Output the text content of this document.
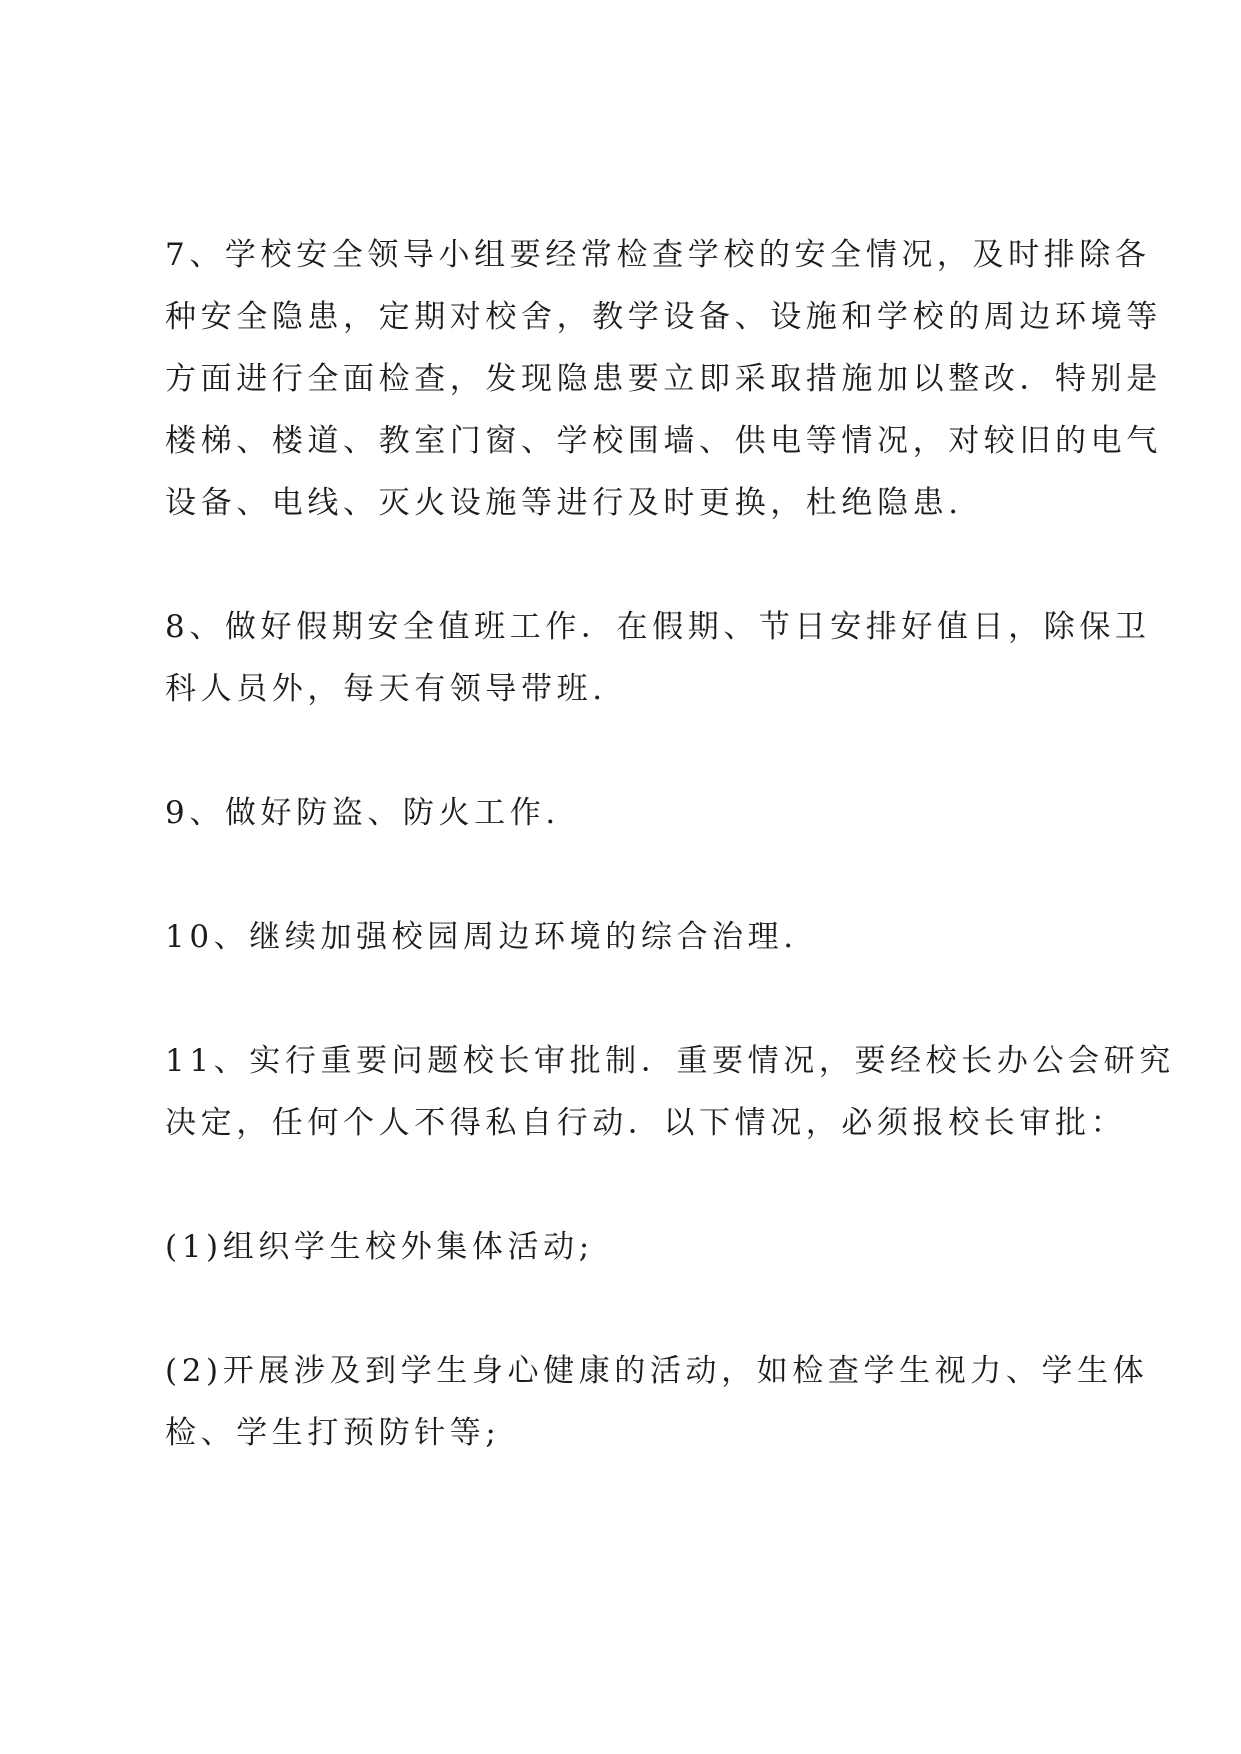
7、学校安全领导小组要经常检查学校的安全情况，及时排除各
种安全隐患，定期对校舍，教学设备、设施和学校的周边环境等
方面进行全面检查，发现隐患要立即采取措施加以整改．特别是
楼梯、楼道、教室门窗、学校围墙、供电等情况，对较旧的电气
设备、电线、灭火设施等进行及时更换，杜绝隐患.

8、做好假期安全值班工作．在假期、节日安排好值日，除保卫
科人员外，每天有领导带班.

9、做好防盗、防火工作.

10、继续加强校园周边环境的综合治理.

11、实行重要问题校长审批制．重要情况，要经校长办公会研究
决定，任何个人不得私自行动．以下情况，必须报校长审批：

(1)组织学生校外集体活动;

(2)开展涉及到学生身心健康的活动，如检查学生视力、学生体
检、学生打预防针等;
